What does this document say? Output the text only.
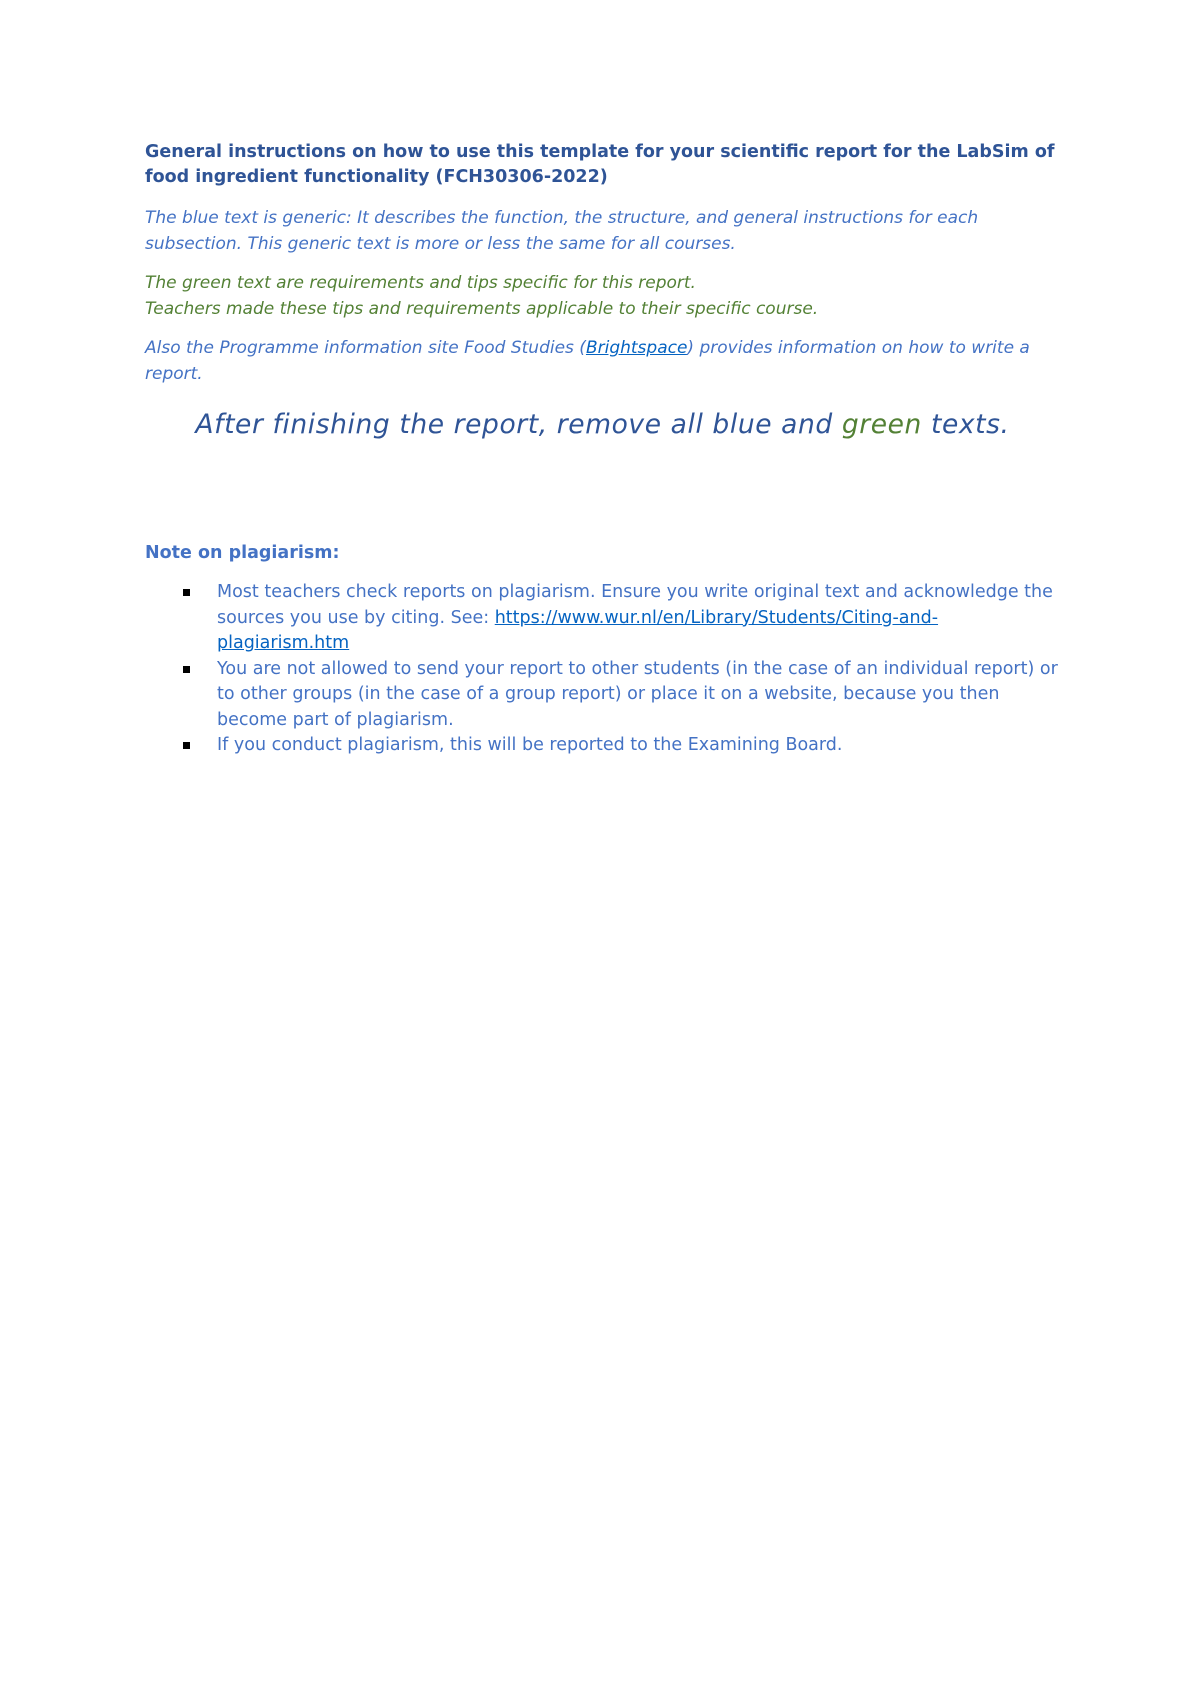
General instructions on how to use this template for your scientific report for the LabSim of food ingredient functionality (FCH30306-2022)

The blue text is generic: It describes the function, the structure, and general instructions for each subsection. This generic text is more or less the same for all courses.

The green text are requirements and tips specific for this report.
Teachers made these tips and requirements applicable to their specific course.

Also the Programme information site Food Studies (Brightspace) provides information on how to write a report.

After finishing the report, remove all blue and green texts.

Note on plagiarism:

Most teachers check reports on plagiarism. Ensure you write original text and acknowledge the sources you use by citing. See: https://www.wur.nl/en/Library/Students/Citing-and-plagiarism.htm
You are not allowed to send your report to other students (in the case of an individual report) or to other groups (in the case of a group report) or place it on a website, because you then become part of plagiarism.
If you conduct plagiarism, this will be reported to the Examining Board.
